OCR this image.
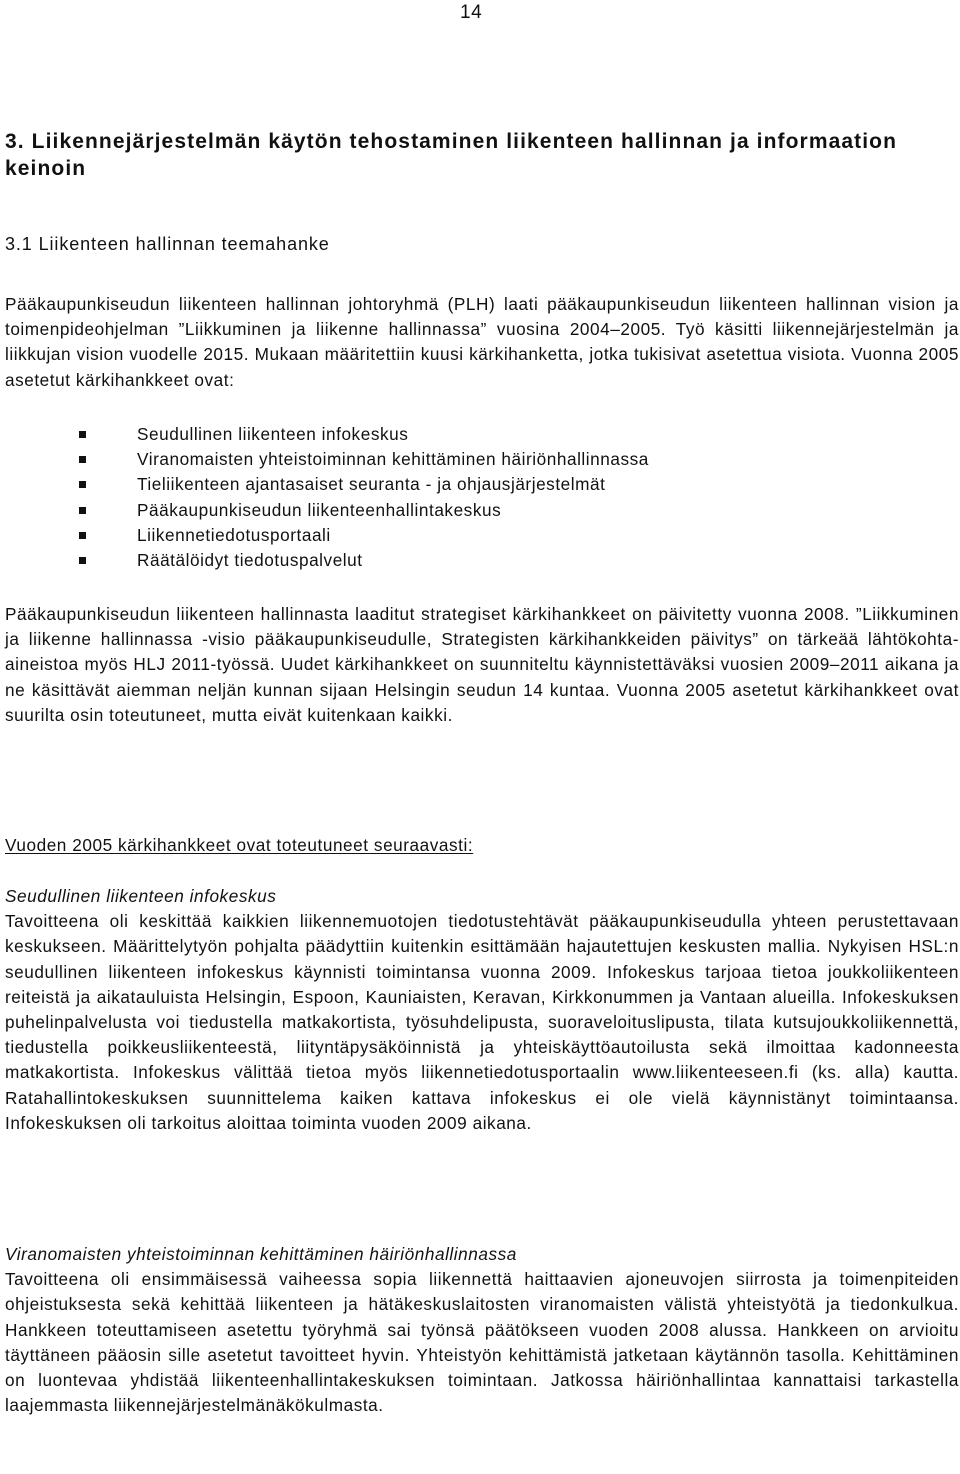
14
3. Liikennejärjestelmän käytön tehostaminen liikenteen hallinnan ja informaation keinoin
3.1 Liikenteen hallinnan teemahanke

Pääkaupunkiseudun liikenteen hallinnan johtoryhmä (PLH) laati pääkaupunkiseudun liikenteen hallinnan vision ja toimenpideohjelman ”Liikkuminen ja liikenne hallinnassa” vuosina 2004–2005. Työ käsitti liikennejärjestelmän ja liikkujan vision vuodelle 2015. Mukaan määritettiin kuusi kärkihanketta, jotka tukisivat asetettua visiota. Vuonna 2005 asetetut kärkihankkeet ovat:

Seudullinen liikenteen infokeskus
Viranomaisten yhteistoiminnan kehittäminen häiriönhallinnassa
Tieliikenteen ajantasaiset seuranta - ja ohjausjärjestelmät
Pääkaupunkiseudun liikenteenhallintakeskus
Liikennetiedotusportaali
Räätälöidyt tiedotuspalvelut

Pääkaupunkiseudun liikenteen hallinnasta laaditut strategiset kärkihankkeet on päivitetty vuonna 2008. ”Liikkuminen ja liikenne hallinnassa -visio pääkaupunkiseudulle, Strategisten kärkihankkeiden päivitys” on tärkeää lähtökohta-aineistoa myös HLJ 2011-työssä. Uudet kärkihankkeet on suunniteltu käynnistettäväksi vuosien 2009–2011 aikana ja ne käsittävät aiemman neljän kunnan sijaan Helsingin seudun 14 kuntaa. Vuonna 2005 asetetut kärkihankkeet ovat suurilta osin toteutuneet, mutta eivät kuitenkaan kaikki.

Vuoden 2005 kärkihankkeet ovat toteutuneet seuraavasti:

Seudullinen liikenteen infokeskus

Tavoitteena oli keskittää kaikkien liikennemuotojen tiedotustehtävät pääkaupunkiseudulla yhteen perustettavaan keskukseen. Määrittelytyön pohjalta päädyttiin kuitenkin esittämään hajautettujen keskusten mallia. Nykyisen HSL:n seudullinen liikenteen infokeskus käynnisti toimintansa vuonna 2009. Infokeskus tarjoaa tietoa joukkoliikenteen reiteistä ja aikatauluista Helsingin, Espoon, Kauniaisten, Keravan, Kirkkonummen ja Vantaan alueilla. Infokeskuksen puhelinpalvelusta voi tiedustella matkakortista, työsuhdelipusta, suoraveloituslipusta, tilata kutsujoukkoliikennettä, tiedustella poikkeusliikenteestä, liityntäpysäköinnistä ja yhteiskäyttöautoilusta sekä ilmoittaa kadonneesta matkakortista. Infokeskus välittää tietoa myös liikennetiedotusportaalin www.liikenteeseen.fi (ks. alla) kautta. Ratahallintokeskuksen suunnittelema kaiken kattava infokeskus ei ole vielä käynnistänyt toimintaansa. Infokeskuksen oli tarkoitus aloittaa toiminta vuoden 2009 aikana.

Viranomaisten yhteistoiminnan kehittäminen häiriönhallinnassa

Tavoitteena oli ensimmäisessä vaiheessa sopia liikennettä haittaavien ajoneuvojen siirrosta ja toimenpiteiden ohjeistuksesta sekä kehittää liikenteen ja hätäkeskuslaitosten viranomaisten välistä yhteistyötä ja tiedonkulkua. Hankkeen toteuttamiseen asetettu työryhmä sai työnsä päätökseen vuoden 2008 alussa. Hankkeen on arvioitu täyttäneen pääosin sille asetetut tavoitteet hyvin. Yhteistyön kehittämistä jatketaan käytännön tasolla. Kehittäminen on luontevaa yhdistää liikenteenhallintakeskuksen toimintaan. Jatkossa häiriönhallintaa kannattaisi tarkastella laajemmasta liikennejärjestelmänäkökulmasta.
